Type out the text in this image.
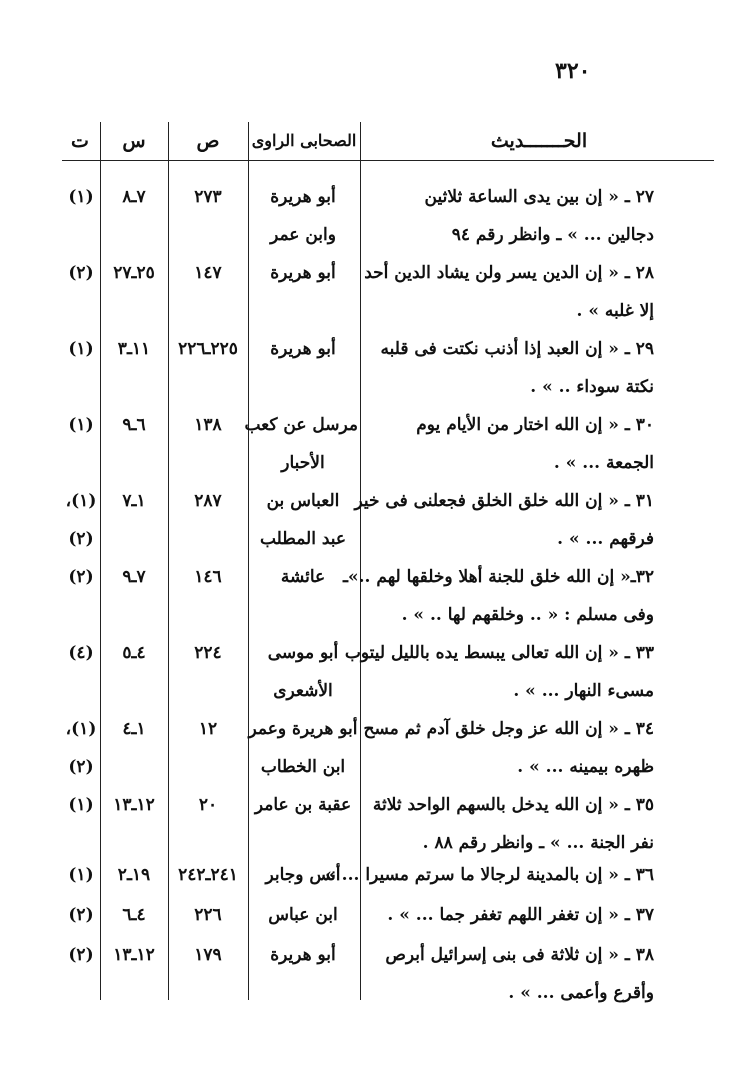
٣٢٠
الحـــــــديث
الصحابى الراوى
ص
س
ت
٢٧ ـ « إن بين يدى الساعة ثلاثين
دجالين ... » ـ وانظر رقم ٩٤
أبو هريرة
وابن عمر
٢٧٣
٧ـ٨
(١)
٢٨ ـ « إن الدين يسر ولن يشاد الدين أحد
إلا غلبه » .
أبو هريرة
١٤٧
٢٥ـ٢٧
(٢)
٢٩ ـ « إن العبد إذا أذنب نكتت فى قلبه
نكتة سوداء .. » .
أبو هريرة
٢٢٥ـ٢٢٦
١١ـ٣
(١)
٣٠ ـ « إن الله اختار من الأيام يوم
الجمعة ... » .
مرسل عن كعب
الأحبار
١٣٨
٦ـ٩
(١)
٣١ ـ « إن الله خلق الخلق فجعلنى فى خير
فرقهم ... » .
العباس بن
عبد المطلب
٢٨٧
١ـ٧
(١)،
(٢)
٣٢ـ« إن الله خلق للجنة أهلا وخلقها لهم ..»ـ
وفى مسلم : « .. وخلقهم لها .. » .
عائشة
١٤٦
٧ـ٩
(٢)
٣٣ ـ « إن الله تعالى يبسط يده بالليل ليتوب
مسىء النهار ... » .
أبو موسى
الأشعرى
٢٢٤
٤ـ٥
(٤)
٣٤ ـ « إن الله عز وجل خلق آدم ثم مسح
ظهره بيمينه ... » .
أبو هريرة وعمر
ابن الخطاب
١٢
١ـ٤
(١)،
(٢)
٣٥ ـ « إن الله يدخل بالسهم الواحد ثلاثة
نفر الجنة ... » ـ وانظر رقم ٨٨ .
عقبة بن عامر
٢٠
١٢ـ١٣
(١)
٣٦ ـ « إن بالمدينة لرجالا ما سرتم مسيرا ... »
أنس وجابر
٢٤١ـ٢٤٢
١٩ـ٢
(١)
٣٧ ـ « إن تغفر اللهم تغفر جما ... » .
ابن عباس
٢٢٦
٤ـ٦
(٢)
٣٨ ـ « إن ثلاثة فى بنى إسرائيل أبرص
وأقرع وأعمى ... » .
أبو هريرة
١٧٩
١٢ـ١٣
(٢)
